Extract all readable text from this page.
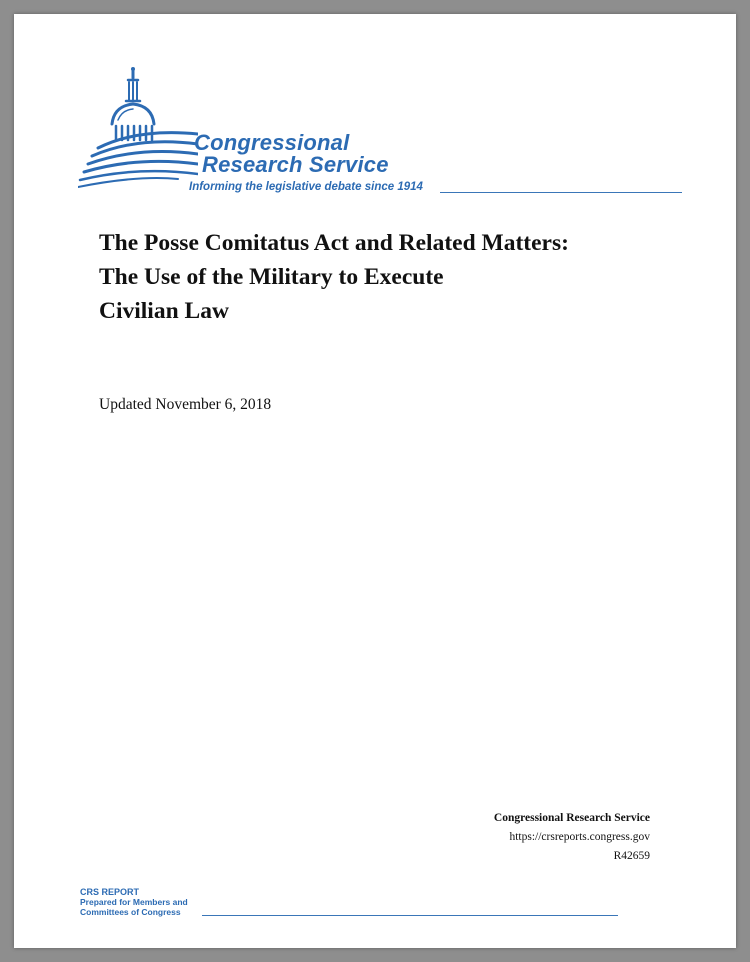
Congressional
Research Service
Informing the legislative debate since 1914
The Posse Comitatus Act and Related Matters:
The Use of the Military to Execute
Civilian Law
Updated November 6, 2018
Congressional Research Service
https://crsreports.congress.gov
R42659
CRS REPORT
Prepared for Members and
Committees of Congress
